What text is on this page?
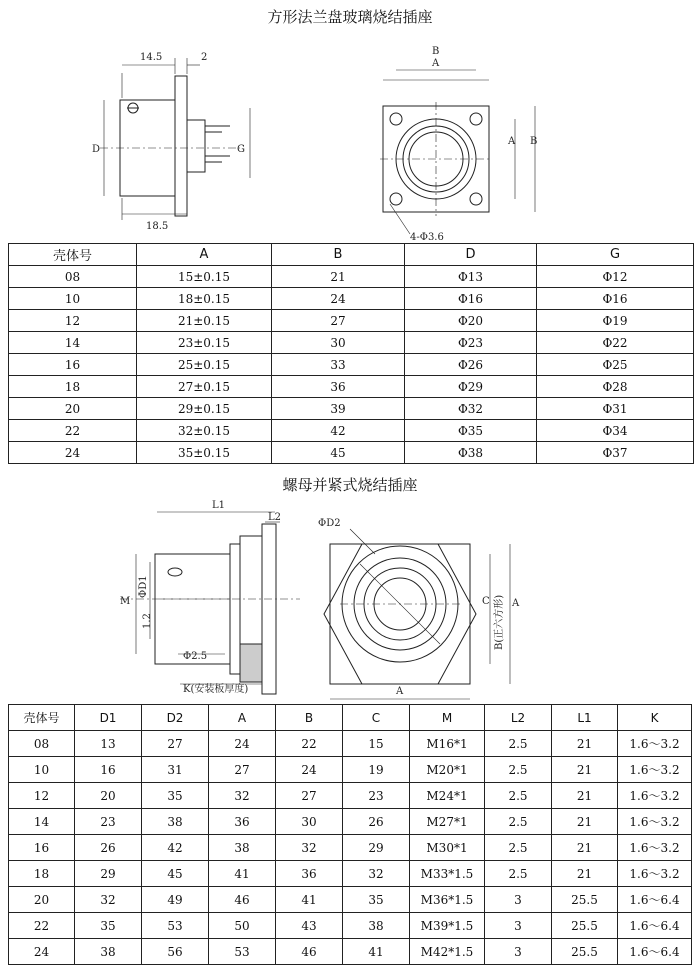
方形法兰盘玻璃烧结插座
14.5	2
18.5
D	G
A
B
A B
4-Φ3.6
壳体号	A	B	D	G
08	15±0.15	21	Φ13	Φ12
10	18±0.15	24	Φ16	Φ16
12	21±0.15	27	Φ20	Φ19
14	23±0.15	30	Φ23	Φ22
16	25±0.15	33	Φ26	Φ25
18	27±0.15	36	Φ29	Φ28
20	29±0.15	39	Φ32	Φ31
22	32±0.15	42	Φ35	Φ34
24	35±0.15	45	Φ38	Φ37
螺母并紧式烧结插座
L1
L2
M
ΦD1
1.2
Φ2.5
K(安装板厚度)
ΦD2
C
A
A
B(正六方形)
壳体号	D1	D2	A	B	C	M	L2	L1	K
08	13	27	24	22	15	M16*1	2.5	21	1.6～3.2
10	16	31	27	24	19	M20*1	2.5	21	1.6～3.2
12	20	35	32	27	23	M24*1	2.5	21	1.6～3.2
14	23	38	36	30	26	M27*1	2.5	21	1.6～3.2
16	26	42	38	32	29	M30*1	2.5	21	1.6～3.2
18	29	45	41	36	32	M33*1.5	2.5	21	1.6～3.2
20	32	49	46	41	35	M36*1.5	3	25.5	1.6～6.4
22	35	53	50	43	38	M39*1.5	3	25.5	1.6～6.4
24	38	56	53	46	41	M42*1.5	3	25.5	1.6～6.4
